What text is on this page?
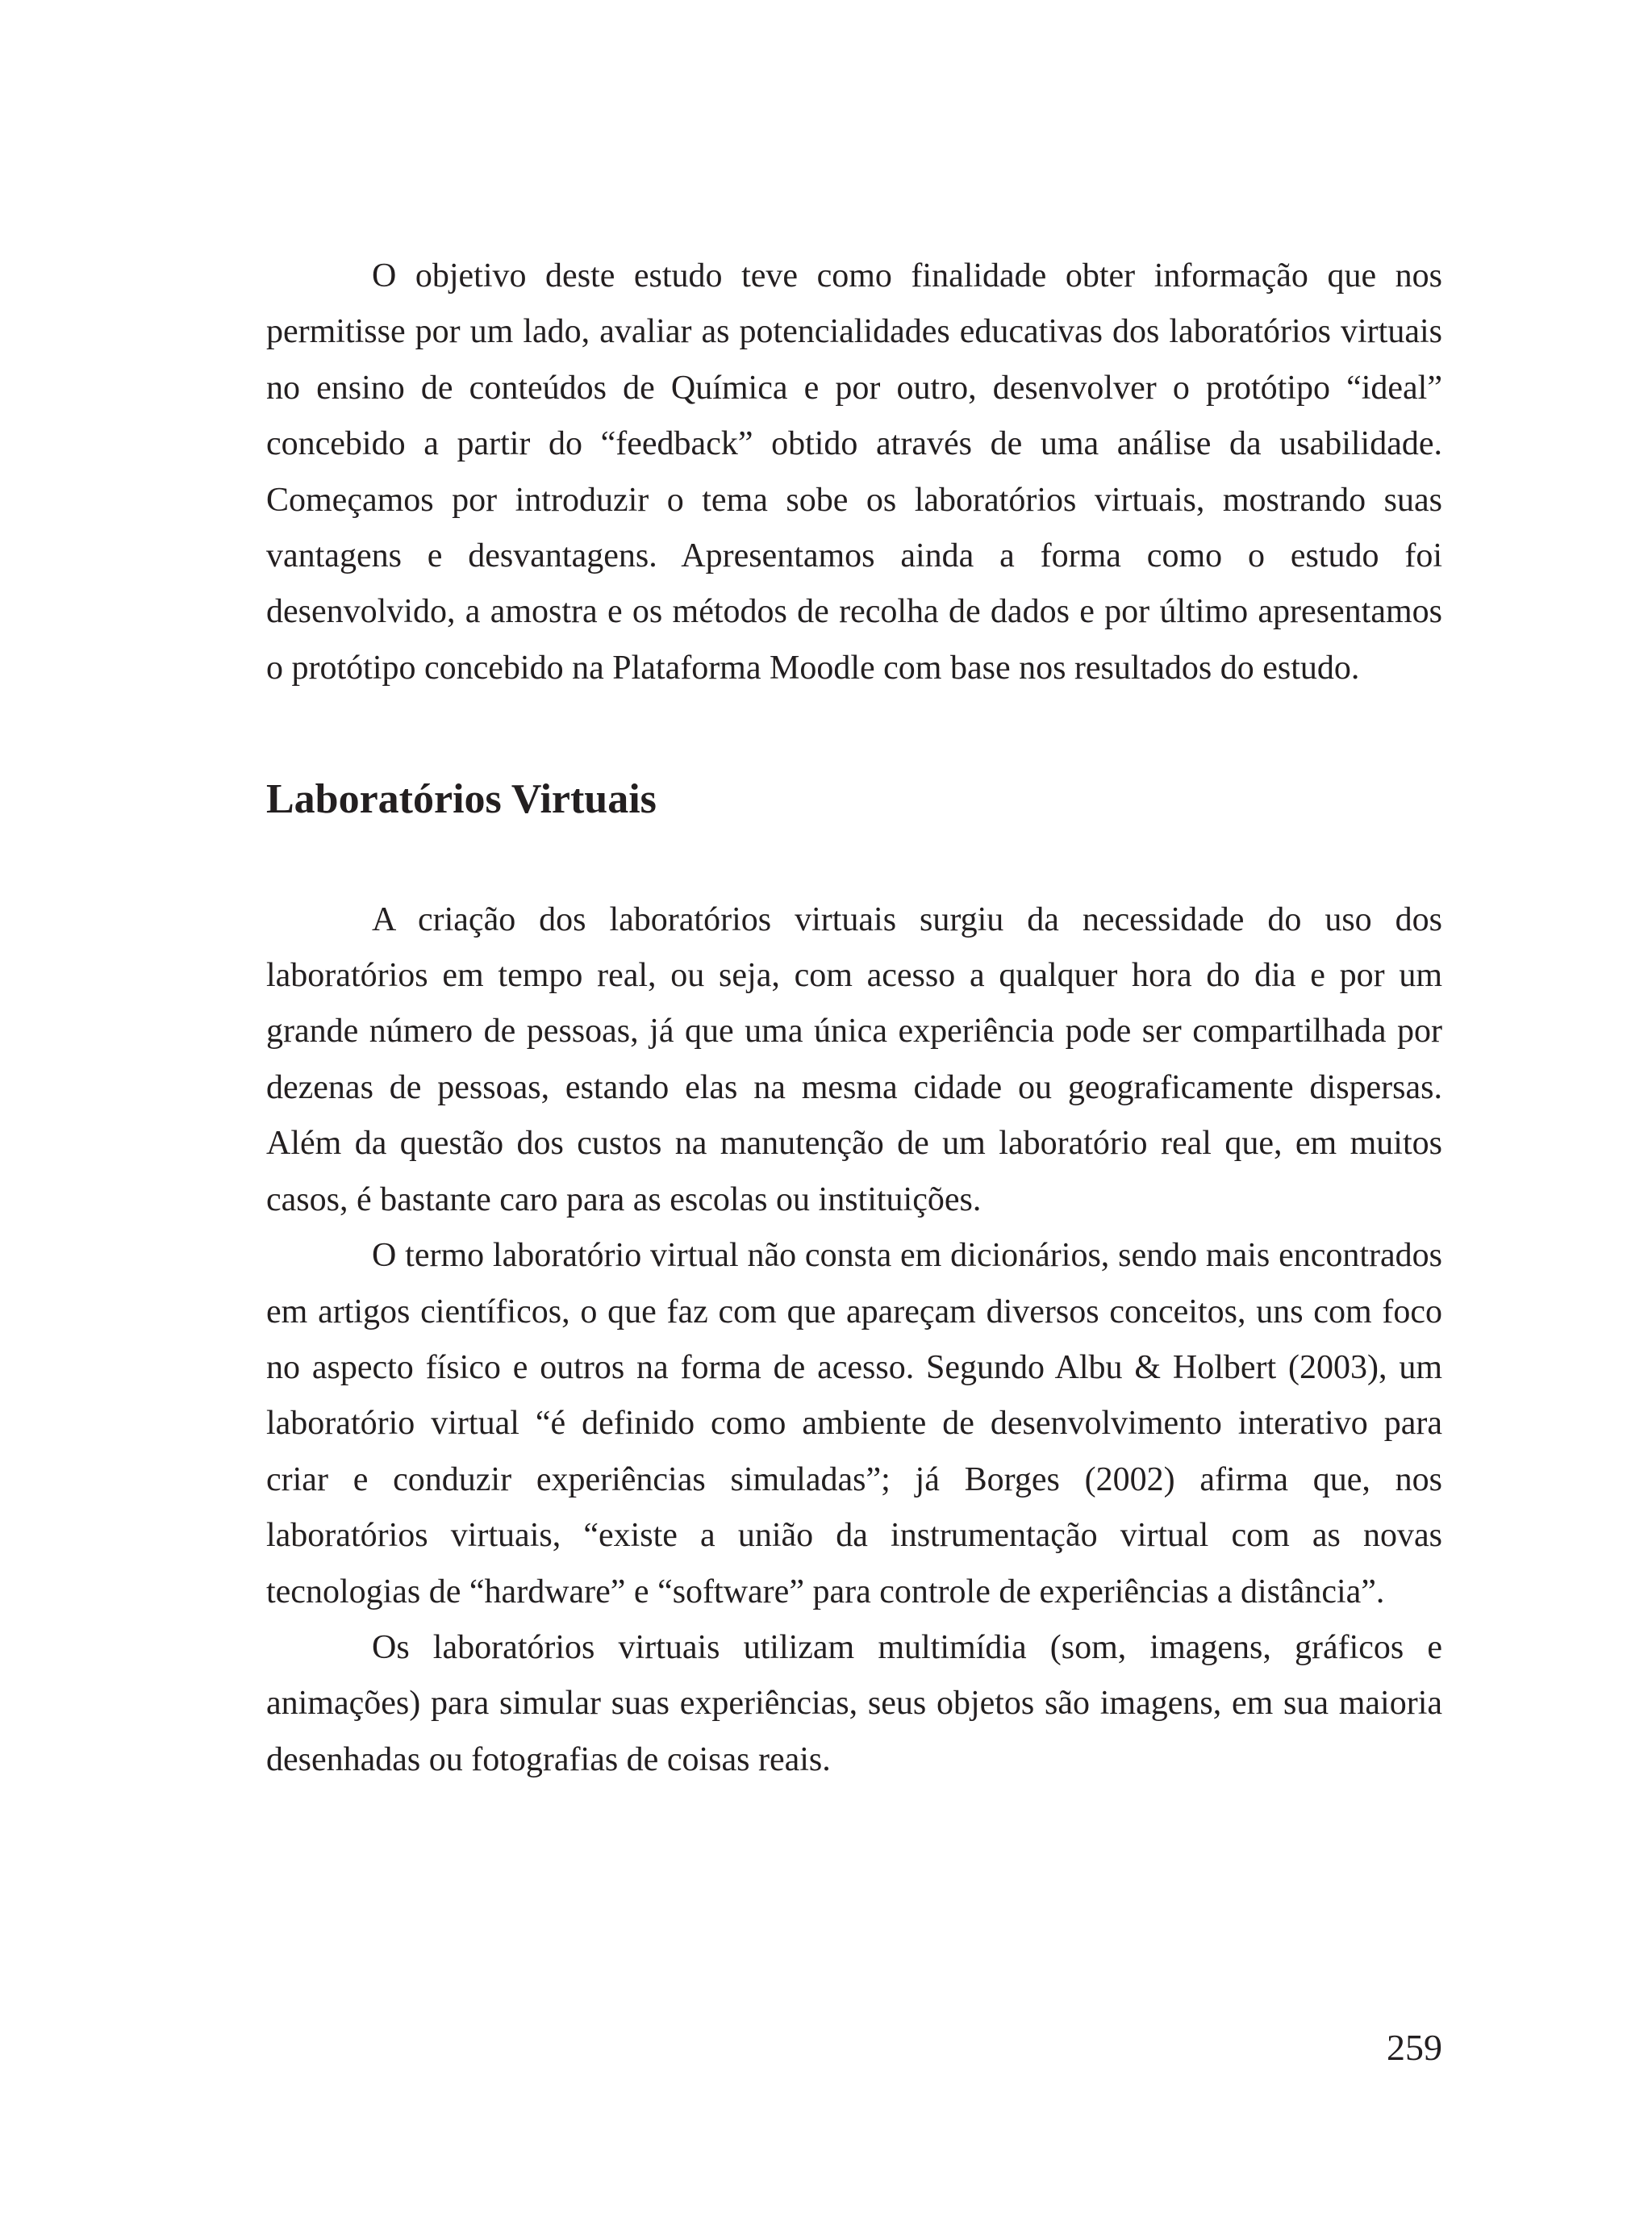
O objetivo deste estudo teve como finalidade obter informação que nos permitisse por um lado, avaliar as potencialidades educativas dos laboratórios virtuais no ensino de conteúdos de Química e por outro, desenvolver o protótipo “ideal” concebido a partir do “feedback” obtido através de uma análise da usabilidade. Começamos por introduzir o tema sobe os laboratórios virtuais, mostrando suas vantagens e desvantagens. Apresentamos ainda a forma como o estudo foi desenvolvido, a amostra e os métodos de recolha de dados e por último apresentamos o protótipo concebido na Plataforma Moodle com base nos resultados do estudo.

Laboratórios Virtuais

A criação dos laboratórios virtuais surgiu da necessidade do uso dos laboratórios em tempo real, ou seja, com acesso a qualquer hora do dia e por um grande número de pessoas, já que uma única experiência pode ser compartilhada por dezenas de pessoas, estando elas na mesma cidade ou geograficamente dispersas. Além da questão dos custos na manutenção de um laboratório real que, em muitos casos, é bastante caro para as escolas ou instituições.

O termo laboratório virtual não consta em dicionários, sendo mais encontrados em artigos científicos, o que faz com que apareçam diversos conceitos, uns com foco no aspecto físico e outros na forma de acesso. Segundo Albu & Holbert (2003), um laboratório virtual “é definido como ambiente de desenvolvimento interativo para criar e conduzir experiências simuladas”; já Borges (2002) afirma que, nos laboratórios virtuais, “existe a união da instrumentação virtual com as novas tecnologias de “hardware” e “software” para controle de experiências a distância”.

Os laboratórios virtuais utilizam multimídia (som, imagens, gráficos e animações) para simular suas experiências, seus objetos são imagens, em sua maioria desenhadas ou fotografias de coisas reais.

259
